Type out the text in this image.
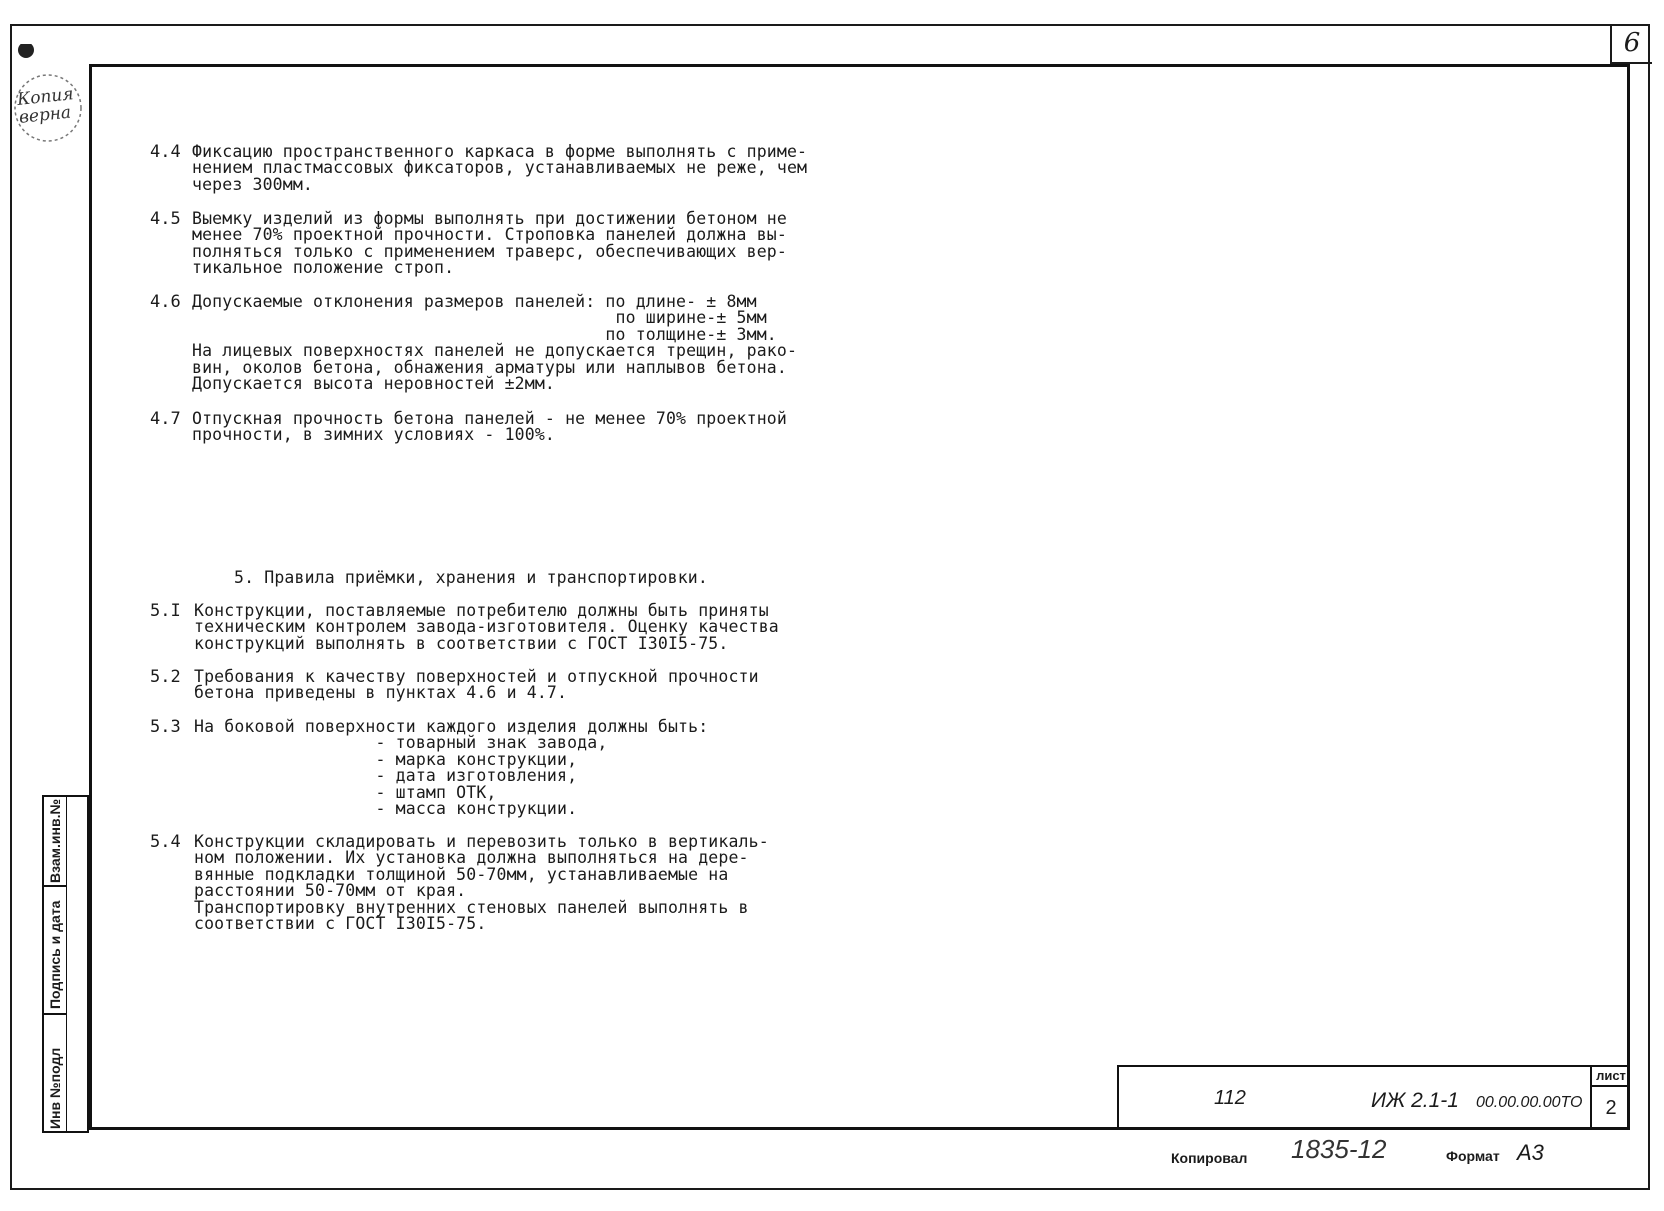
6
Копия
верна
Инв №подл
Подпись и дата
Взам.инв.№
4.4 Фиксацию пространственного каркаса в форме выполнять с приме-
нением пластмассовых фиксаторов, устанавливаемых не реже, чем
через 300мм.
4.5 Выемку изделий из формы выполнять при достижении бетоном не
менее 70% проектной прочности. Строповка панелей должна вы-
полняться только с применением траверс, обеспечивающих вер-
тикальное положение строп.
4.6 Допускаемые отклонения размеров панелей: по длине- ± 8мм
по ширине-± 5мм
по толщине-± 3мм.
На лицевых поверхностях панелей не допускается трещин, рако-
вин, околов бетона, обнажения арматуры или наплывов бетона.
Допускается высота неровностей ±2мм.
4.7 Отпускная прочность бетона панелей - не менее 70% проектной
прочности, в зимних условиях - 100%.
5. Правила приёмки, хранения и транспортировки.
5.I Конструкции, поставляемые потребителю должны быть приняты
техническим контролем завода-изготовителя. Оценку качества
конструкций выполнять в соответствии с ГОСТ I30I5-75.
5.2 Требования к качеству поверхностей и отпускной прочности
бетона приведены в пунктах 4.6 и 4.7.
5.3 На боковой поверхности каждого изделия должны быть:
- товарный знак завода,
- марка конструкции,
- дата изготовления,
- штамп ОТК,
- масса конструкции.
5.4 Конструкции складировать и перевозить только в вертикаль-
ном положении. Их установка должна выполняться на дере-
вянные подкладки толщиной 50-70мм, устанавливаемые на
расстоянии 50-70мм от края.
Транспортировку внутренних стеновых панелей выполнять в
соответствии с ГОСТ I30I5-75.
112	ИЖ 2.1-1 00.00.00.00ТО
лист
2
Копировал 1835-12	Формат А3
